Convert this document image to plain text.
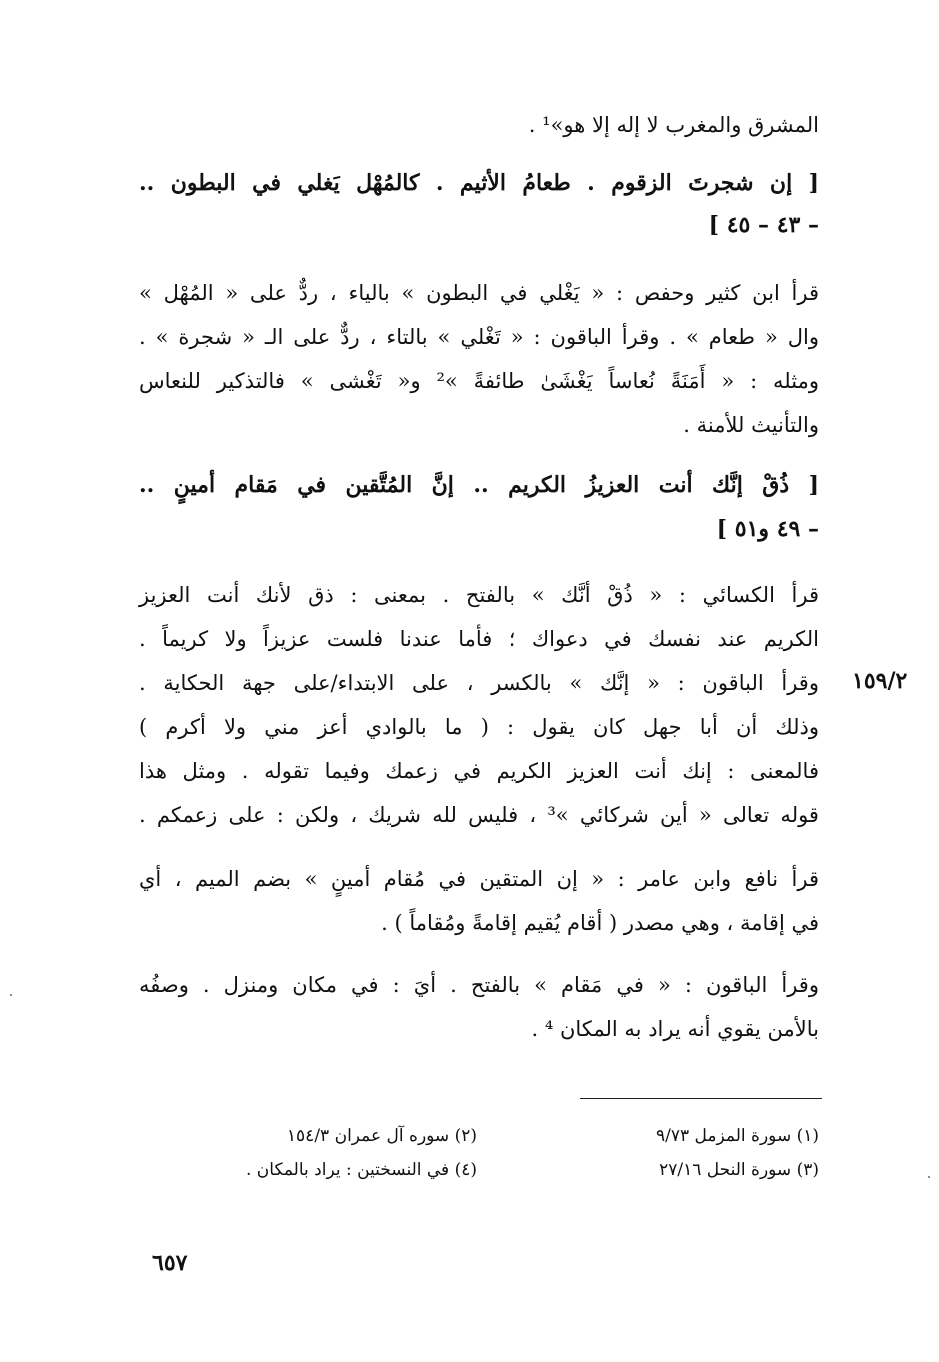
المشرق والمغرب لا إله إلا هو»¹ .
[ إن شجرتَ الزقوم . طعامُ الأثيم . كالمُهْل يَغلي في البطون ..
– ٤٣ – ٤٥ ]
قرأ ابن كثير وحفص : « يَغْلي في البطون » بالياء ، ردٌّ على « المُهْل »
وال « طعام » . وقرأ الباقون : « تَغْلي » بالتاء ، ردٌّ على الـ « شجرة » .
ومثله : « أَمَنَةً نُعاساً يَغْشَىٰ طائفةً »² و« تَغْشى » فالتذكير للنعاس
والتأنيث للأمنة .
[ ذُقْ إنَّك أنت العزيزُ الكريم .. إنَّ المُتَّقين في مَقام أمينٍ ..
– ٤٩ و٥١ ]
قرأ الكسائي : « ذُقْ أنَّك » بالفتح . بمعنى : ذق لأنك أنت العزيز
الكريم عند نفسك في دعواك ؛ فأما عندنا فلست عزيزاً ولا كريماً .
وقرأ الباقون : « إنَّك » بالكسر ، على الابتداء/على جهة الحكاية .
وذلك أن أبا جهل كان يقول : ( ما بالوادي أعز مني ولا أكرم )
فالمعنى : إنك أنت العزيز الكريم في زعمك وفيما تقوله . ومثل هذا
قوله تعالى « أين شركائي »³ ، فليس لله شريك ، ولكن : على زعمكم .
قرأ نافع وابن عامر : « إن المتقين في مُقام أمينٍ » بضم الميم ، أي
في إقامة ، وهي مصدر ( أقام يُقيم إقامةً ومُقاماً ) .
وقرأ الباقون : « في مَقام » بالفتح . أيَ : في مكان ومنزل . وصفُه
بالأمن يقوي أنه يراد به المكان ⁴ .
١٥٩/٢
(١) سورة المزمل ٩/٧٣
(٢) سوره آل عمران ١٥٤/٣
(٣) سورة النحل ٢٧/١٦
(٤) في النسختين : يراد بالمكان .
٦٥٧
